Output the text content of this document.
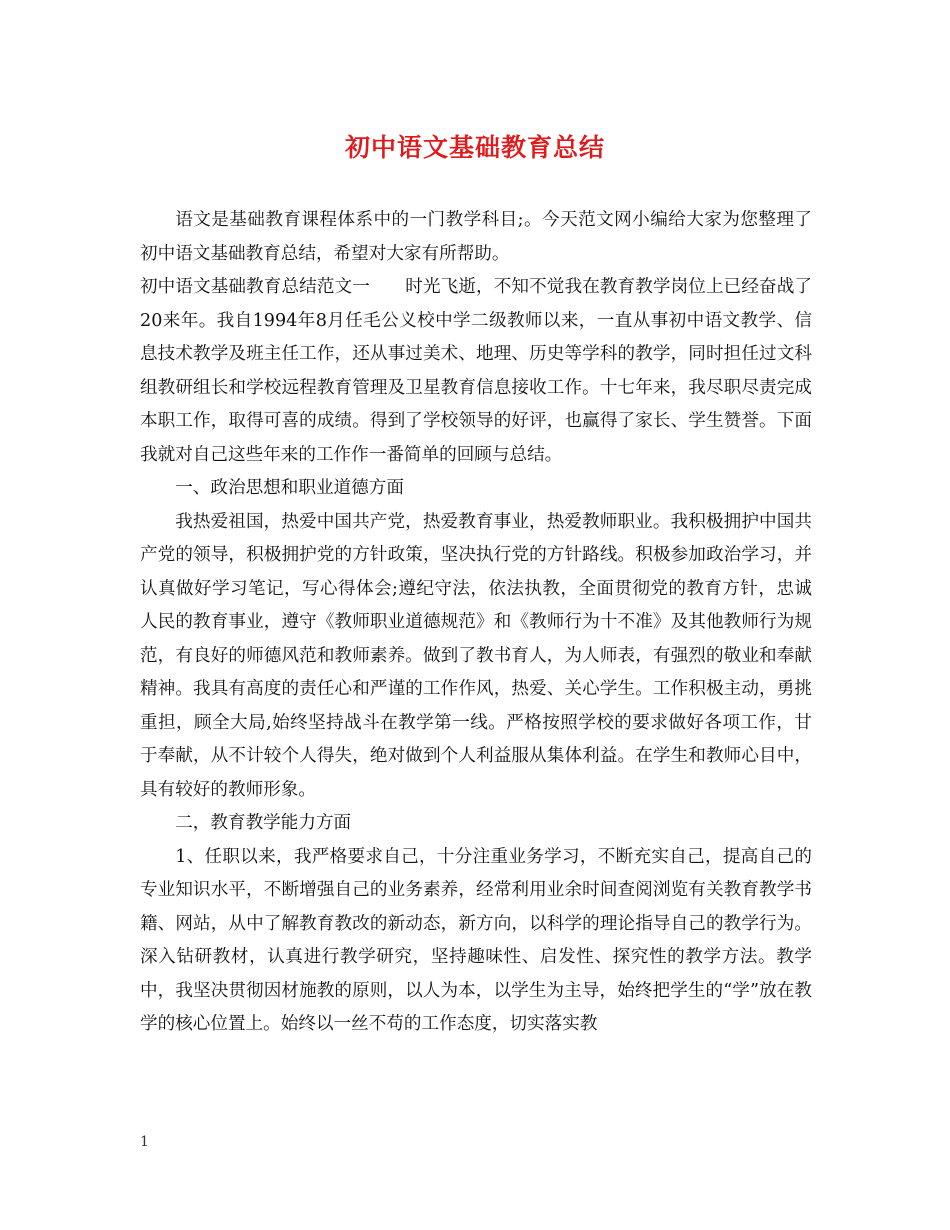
初中语文基础教育总结

语文是基础教育课程体系中的一门教学科目;。今天范文网小编给大家为您整理了初中语文基础教育总结，希望对大家有所帮助。

初中语文基础教育总结范文一　　时光飞逝，不知不觉我在教育教学岗位上已经奋战了20来年。我自1994年8月任毛公义校中学二级教师以来，一直从事初中语文教学、信息技术教学及班主任工作，还从事过美术、地理、历史等学科的教学，同时担任过文科组教研组长和学校远程教育管理及卫星教育信息接收工作。十七年来，我尽职尽责完成本职工作，取得可喜的成绩。得到了学校领导的好评，也赢得了家长、学生赞誉。下面我就对自己这些年来的工作作一番简单的回顾与总结。

一、政治思想和职业道德方面

我热爱祖国，热爱中国共产党，热爱教育事业，热爱教师职业。我积极拥护中国共产党的领导，积极拥护党的方针政策，坚决执行党的方针路线。积极参加政治学习，并认真做好学习笔记，写心得体会;遵纪守法，依法执教，全面贯彻党的教育方针，忠诚人民的教育事业，遵守《教师职业道德规范》和《教师行为十不准》及其他教师行为规范，有良好的师德风范和教师素养。做到了教书育人，为人师表，有强烈的敬业和奉献精神。我具有高度的责任心和严谨的工作作风，热爱、关心学生。工作积极主动，勇挑重担，顾全大局,始终坚持战斗在教学第一线。严格按照学校的要求做好各项工作，甘于奉献，从不计较个人得失，绝对做到个人利益服从集体利益。在学生和教师心目中，具有较好的教师形象。

二，教育教学能力方面

1、任职以来，我严格要求自己，十分注重业务学习，不断充实自己，提高自己的专业知识水平，不断增强自己的业务素养，经常利用业余时间查阅浏览有关教育教学书籍、网站，从中了解教育教改的新动态，新方向，以科学的理论指导自己的教学行为。深入钻研教材，认真进行教学研究，坚持趣味性、启发性、探究性的教学方法。教学中，我坚决贯彻因材施教的原则，以人为本，以学生为主导，始终把学生的“学”放在教学的核心位置上。始终以一丝不苟的工作态度，切实落实教

1
